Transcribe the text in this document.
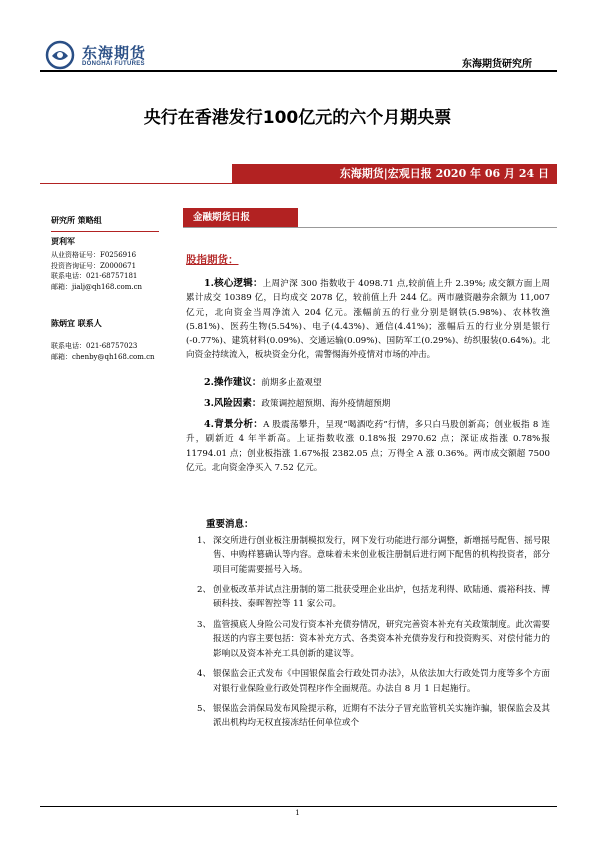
东海期货
DONGHAI FUTURES	东海期货研究所
央行在香港发行100亿元的六个月期央票
东海期货|宏观日报 2020 年 06 月 24 日
金融期货日报
研究所 策略组
贾利军
从业资格证号：F0256916
投资咨询证号：Z0000671
联系电话：021-68757181
邮箱：jialj@qh168.com.cn
陈炳宜 联系人
联系电话：021-68757023
邮箱：chenby@qh168.com.cn
股指期货：
1.核心逻辑：上周沪深 300 指数收于 4098.71 点,较前值上升 2.39%; 成交额方面上周累计成交 10389 亿，日均成交 2078 亿，较前值上升 244 亿。两市融资融券余额为 11,007 亿元，北向资金当周净流入 204 亿元。涨幅前五的行业分别是钢铁(5.98%)、农林牧渔(5.81%)、医药生物(5.54%)、电子(4.43%)、通信(4.41%)；涨幅后五的行业分别是银行(-0.77%)、建筑材料(0.09%)、交通运输(0.09%)、国防军工(0.29%)、纺织服装(0.64%)。北向资金持续流入，板块资金分化，需警惕海外疫情对市场的冲击。
2.操作建议：前期多止盈观望
3.风险因素：政策调控超预期、海外疫情超预期
4.背景分析：A 股震荡攀升，呈现“喝酒吃药”行情，多只白马股创新高；创业板指 8 连升，刷新近 4 年半新高。上证指数收涨 0.18%报 2970.62 点；深证成指涨 0.78%报 11794.01 点；创业板指涨 1.67%报 2382.05 点；万得全 A 涨 0.36%。两市成交额超 7500 亿元。北向资金净买入 7.52 亿元。
重要消息：
1、 深交所进行创业板注册制模拟发行，网下发行功能进行部分调整，新增摇号配售、摇号限售、申购样篡确认等内容。意味着未来创业板注册制后进行网下配售的机构投资者，部分项目可能需要摇号入场。
2、 创业板改革并试点注册制的第二批获受理企业出炉，包括龙利得、欧陆通、震裕科技、博硕科技、泰晖智控等 11 家公司。
3、 监管摸底人身险公司发行资本补充债券情况，研究完善资本补充有关政策制度。此次需要报送的内容主要包括：资本补充方式、各类资本补充债券发行和投资购买、对偿付能力的影响以及资本补充工具创新的建议等。
4、 银保监会正式发布《中国银保监会行政处罚办法》，从依法加大行政处罚力度等多个方面对银行业保险业行政处罚程序作全面规范。办法自 8 月 1 日起施行。
5、 银保监会消保局发布风险提示称，近期有不法分子冒充监管机关实施诈骗，银保监会及其派出机构均无权直接冻结任何单位或个
1
